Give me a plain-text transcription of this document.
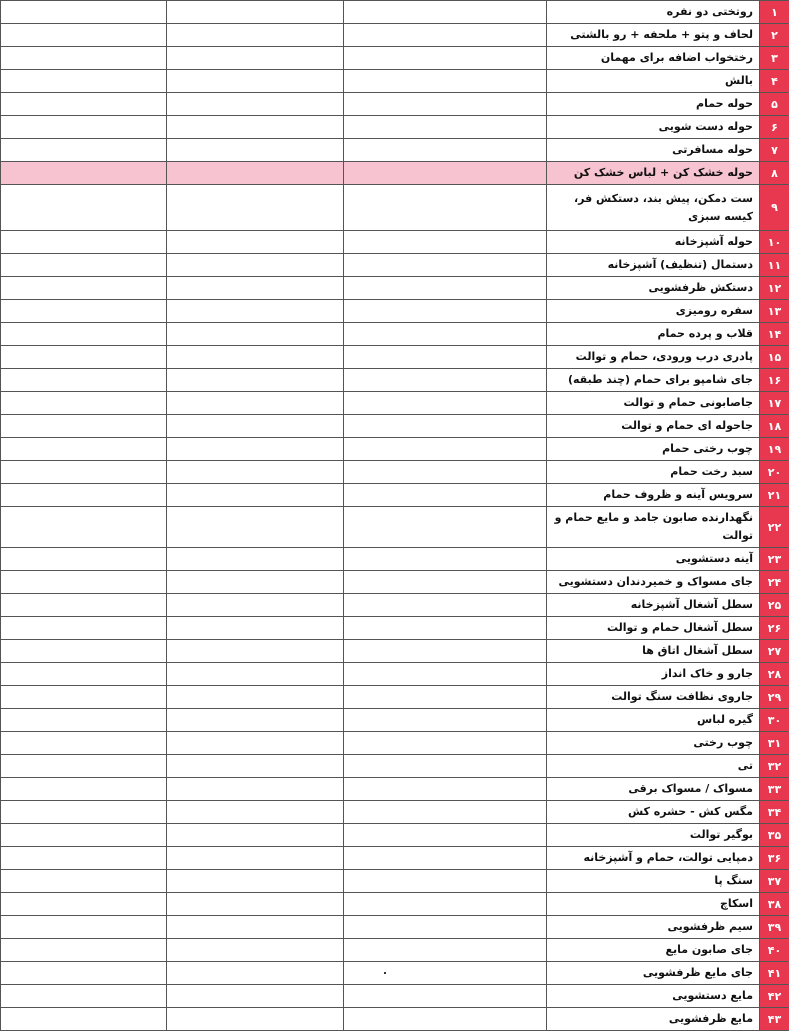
١	روتختی دو نفره			
٢	لحاف و پتو + ملحفه + رو بالشتی			
٣	رختخواب اضافه برای مهمان			
۴	بالش			
۵	حوله حمام			
۶	حوله دست شویی			
٧	حوله مسافرتی			
٨	حوله خشک کن + لباس خشک کن			
٩	ست دمکن، پیش بند، دستکش فر، کیسه سبزی			
١٠	حوله آشپزخانه			
١١	دستمال (تنظیف) آشپزخانه			
١٢	دستکش ظرفشویی			
١٣	سفره رومیزی			
١۴	قلاب و پرده حمام			
١۵	پادری درب ورودی، حمام و توالت			
١۶	جای شامپو برای حمام (چند طبقه)			
١٧	جاصابونی حمام و توالت			
١٨	جاحوله ای حمام و توالت			
١٩	چوب رختی حمام			
٢٠	سبد رخت حمام			
٢١	سرویس آینه و ظروف حمام			
٢٢	نگهدارنده صابون جامد و مایع حمام و توالت			
٢٣	آینه دستشویی			
٢۴	جای مسواک و خمیردندان دستشویی			
٢۵	سطل آشغال آشپزخانه			
٢۶	سطل آشغال حمام و توالت			
٢٧	سطل آشغال اتاق ها			
٢٨	جارو و خاک انداز			
٢٩	جاروی نظافت سنگ توالت			
٣٠	گیره لباس			
٣١	چوب رختی			
٣٢	تی			
٣٣	مسواک / مسواک برقی			
٣۴	مگس کش - حشره کش			
٣۵	بوگیر توالت			
٣۶	دمپایی توالت، حمام و آشپزخانه			
٣٧	سنگ پا			
٣٨	اسکاچ			
٣٩	سیم ظرفشویی			
۴٠	جای صابون مایع			
۴١	جای مایع ظرفشویی	

۴٢	مایع دستشویی			
۴٣	مایع ظرفشویی			
